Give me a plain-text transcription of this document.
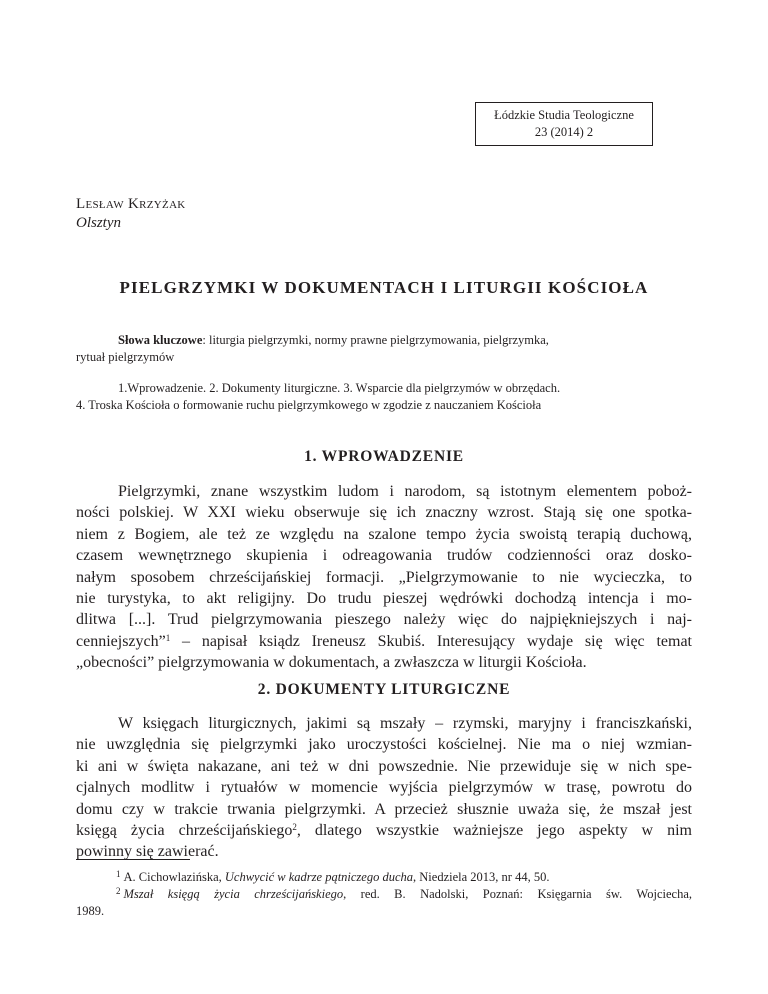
Łódzkie Studia Teologiczne
23 (2014) 2
Lesław Krzyżak
Olsztyn
PIELGRZYMKI W DOKUMENTACH I LITURGII KOŚCIOŁA
Słowa kluczowe: liturgia pielgrzymki, normy prawne pielgrzymowania, pielgrzymka,
rytuał pielgrzymów
1.Wprowadzenie. 2. Dokumenty liturgiczne. 3. Wsparcie dla pielgrzymów w obrzędach.
4. Troska Kościoła o formowanie ruchu pielgrzymkowego w zgodzie z nauczaniem Kościoła
1. WPROWADZENIE
Pielgrzymki, znane wszystkim ludom i narodom, są istotnym elementem poboż-
ności polskiej. W XXI wieku obserwuje się ich znaczny wzrost. Stają się one spotka-
niem z Bogiem, ale też ze względu na szalone tempo życia swoistą terapią duchową,
czasem wewnętrznego skupienia i odreagowania trudów codzienności oraz dosko-
nałym sposobem chrześcijańskiej formacji. „Pielgrzymowanie to nie wycieczka, to
nie turystyka, to akt religijny. Do trudu pieszej wędrówki dochodzą intencja i mo-
dlitwa [...]. Trud pielgrzymowania pieszego należy więc do najpiękniejszych i naj-
cenniejszych”$^1$ – napisał ksiądz Ireneusz Skubiś. Interesujący wydaje się więc temat
„obecności” pielgrzymowania w dokumentach, a zwłaszcza w liturgii Kościoła.
2. DOKUMENTY LITURGICZNE
W księgach liturgicznych, jakimi są mszały – rzymski, maryjny i franciszkański,
nie uwzględnia się pielgrzymki jako uroczystości kościelnej. Nie ma o niej wzmian-
ki ani w święta nakazane, ani też w dni powszednie. Nie przewiduje się w nich spe-
cjalnych modlitw i rytuałów w momencie wyjścia pielgrzymów w trasę, powrotu do
domu czy w trakcie trwania pielgrzymki. A przecież słusznie uważa się, że mszał jest
księgą życia chrześcijańskiego$^2$, dlatego wszystkie ważniejsze jego aspekty w nim
powinny się zawierać.
$^1$ A. Cichowlazińska, Uchwycić w kadrze pątniczego ducha, Niedziela 2013, nr 44, 50.
$^2$ Mszał księgą życia chrześcijańskiego, red. B. Nadolski, Poznań: Księgarnia św. Wojciecha,
1989.
